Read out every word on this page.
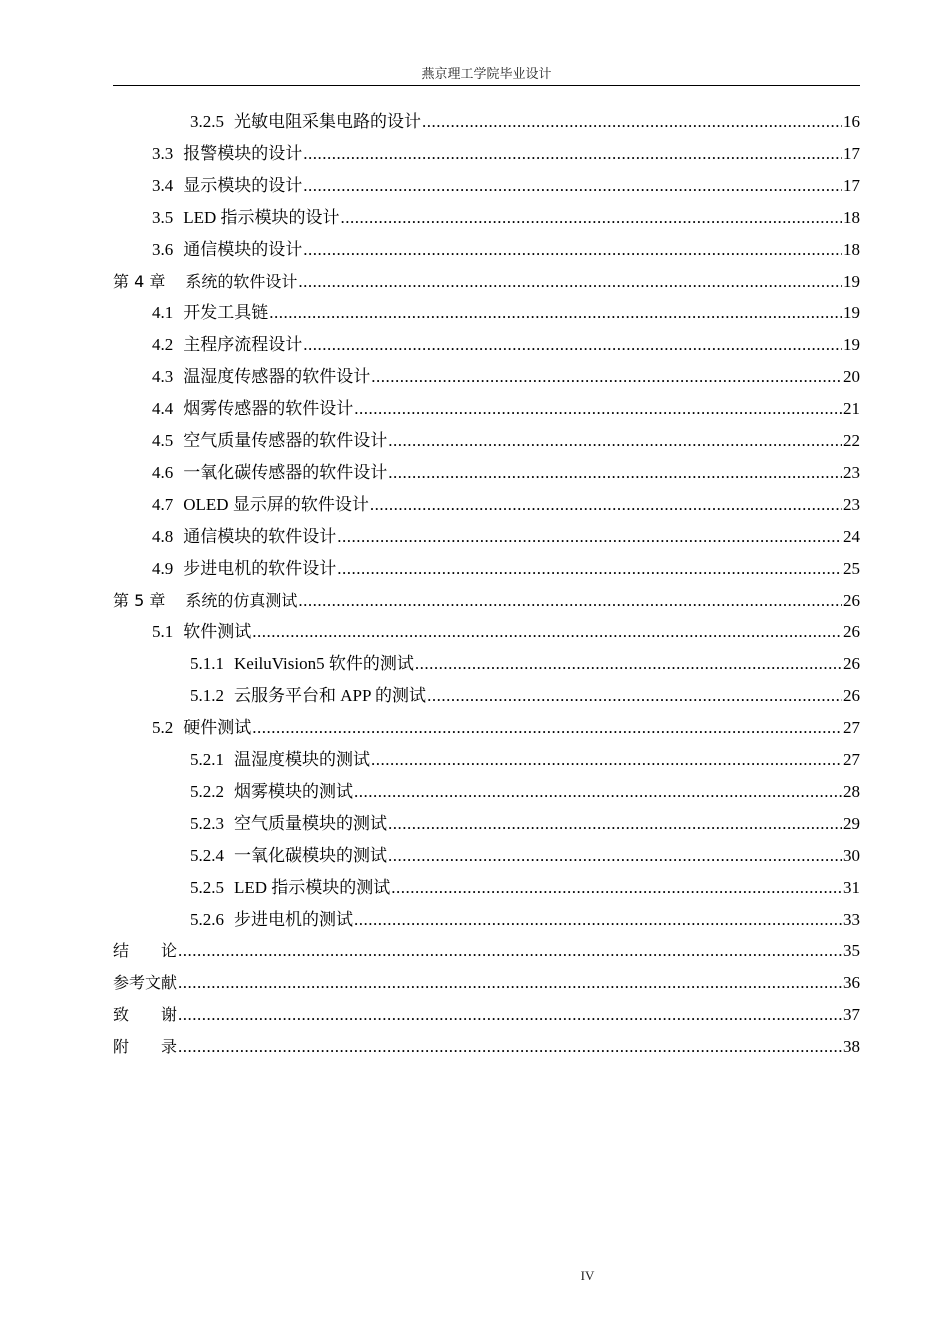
燕京理工学院毕业设计
3.2.5 光敏电阻采集电路的设计 .....	16
3.3 报警模块的设计 .....	17
3.4 显示模块的设计 .....	17
3.5 LED 指示模块的设计 .....	18
3.6 通信模块的设计 .....	18
第 4 章 系统的软件设计 .....	19
4.1 开发工具链 .....	19
4.2 主程序流程设计 .....	19
4.3 温湿度传感器的软件设计 .....	20
4.4 烟雾传感器的软件设计 .....	21
4.5 空气质量传感器的软件设计 .....	22
4.6 一氧化碳传感器的软件设计 .....	23
4.7 OLED 显示屏的软件设计 .....	23
4.8 通信模块的软件设计 .....	24
4.9 步进电机的软件设计 .....	25
第 5 章 系统的仿真测试 .....	26
5.1 软件测试 .....	26
5.1.1 KeiluVision5 软件的测试 .....	26
5.1.2 云服务平台和 APP 的测试 .....	26
5.2 硬件测试 .....	27
5.2.1 温湿度模块的测试 .....	27
5.2.2 烟雾模块的测试 .....	28
5.2.3 空气质量模块的测试 .....	29
5.2.4 一氧化碳模块的测试 .....	30
5.2.5 LED 指示模块的测试 .....	31
5.2.6 步进电机的测试 .....	33
结　　论 .....	35
参考文献 .....	36
致　　谢 .....	37
附　　录 .....	38
IV
